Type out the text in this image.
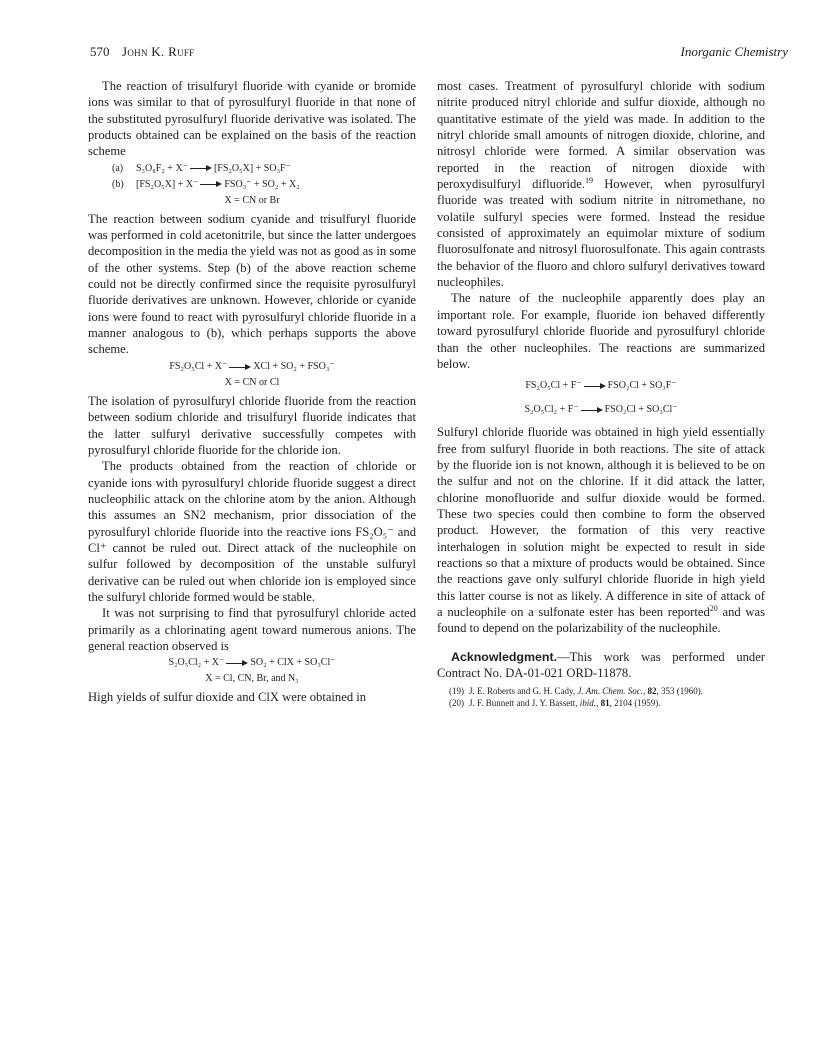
570 John K. Ruff	Inorganic Chemistry

The reaction of trisulfuryl fluoride with cyanide or bromide ions was similar to that of pyrosulfuryl fluoride in that none of the substituted pyrosulfuryl fluoride derivative was isolated. The products obtained can be explained on the basis of the reaction scheme

(a) S₃O₈F₂ + X⁻	[FS₂O₅X] + SO₃F⁻
(b) [FS₂O₅X] + X⁻	FSO₃⁻ + SO₂ + X₂
X = CN or Br

The reaction between sodium cyanide and trisulfuryl fluoride was performed in cold acetonitrile, but since the latter undergoes decomposition in the media the yield was not as good as in some of the other systems. Step (b) of the above reaction scheme could not be directly confirmed since the requisite pyrosulfuryl fluoride derivatives are unknown. However, chloride or cyanide ions were found to react with pyrosulfuryl chloride fluoride in a manner analogous to (b), which perhaps supports the above scheme.

FS₂O₅Cl + X⁻	XCl + SO₂ + FSO₃⁻
X = CN or Cl

The isolation of pyrosulfuryl chloride fluoride from the reaction between sodium chloride and trisulfuryl fluoride indicates that the latter sulfuryl derivative successfully competes with pyrosulfuryl chloride fluoride for the chloride ion.

The products obtained from the reaction of chloride or cyanide ions with pyrosulfuryl chloride fluoride suggest a direct nucleophilic attack on the chlorine atom by the anion. Although this assumes an SN2 mechanism, prior dissociation of the pyrosulfuryl chloride fluoride into the reactive ions FS₂O₅⁻ and Cl⁺ cannot be ruled out. Direct attack of the nucleophile on sulfur followed by decomposition of the unstable sulfuryl derivative can be ruled out when chloride ion is employed since the sulfuryl chloride formed would be stable.

It was not surprising to find that pyrosulfuryl chloride acted primarily as a chlorinating agent toward numerous anions. The general reaction observed is

S₂O₅Cl₂ + X⁻	SO₂ + ClX + SO₃Cl⁻
X = Cl, CN, Br, and N₃

High yields of sulfur dioxide and ClX were obtained in

most cases. Treatment of pyrosulfuryl chloride with sodium nitrite produced nitryl chloride and sulfur dioxide, although no quantitative estimate of the yield was made. In addition to the nitryl chloride small amounts of nitrogen dioxide, chlorine, and nitrosyl chloride were formed. A similar observation was reported in the reaction of nitrogen dioxide with peroxydisulfuryl difluoride.$^{19}$ However, when pyrosulfuryl fluoride was treated with sodium nitrite in nitromethane, no volatile sulfuryl species were formed. Instead the residue consisted of approximately an equimolar mixture of sodium fluorosulfonate and nitrosyl fluorosulfonate. This again contrasts the behavior of the fluoro and chloro sulfuryl derivatives toward nucleophiles.

The nature of the nucleophile apparently does play an important role. For example, fluoride ion behaved differently toward pyrosulfuryl chloride fluoride and pyrosulfuryl chloride than the other nucleophiles. The reactions are summarized below.

FS₂O₅Cl + F⁻	FSO₂Cl + SO₃F⁻
S₂O₅Cl₂ + F⁻	FSO₂Cl + SO₃Cl⁻

Sulfuryl chloride fluoride was obtained in high yield essentially free from sulfuryl fluoride in both reactions. The site of attack by the fluoride ion is not known, although it is believed to be on the sulfur and not on the chlorine. If it did attack the latter, chlorine monofluoride and sulfur dioxide would be formed. These two species could then combine to form the observed product. However, the formation of this very reactive interhalogen in solution might be expected to result in side reactions so that a mixture of products would be obtained. Since the reactions gave only sulfuryl chloride fluoride in high yield this latter course is not as likely. A difference in site of attack of a nucleophile on a sulfonate ester has been reported$^{20}$ and was found to depend on the polarizability of the nucleophile.

Acknowledgment.—This work was performed under Contract No. DA-01-021 ORD-11878.

(19) J. E. Roberts and G. H. Cady, J. Am. Chem. Soc., 82, 353 (1960).
(20) J. F. Bunnett and J. Y. Bassett, ibid., 81, 2104 (1959).
